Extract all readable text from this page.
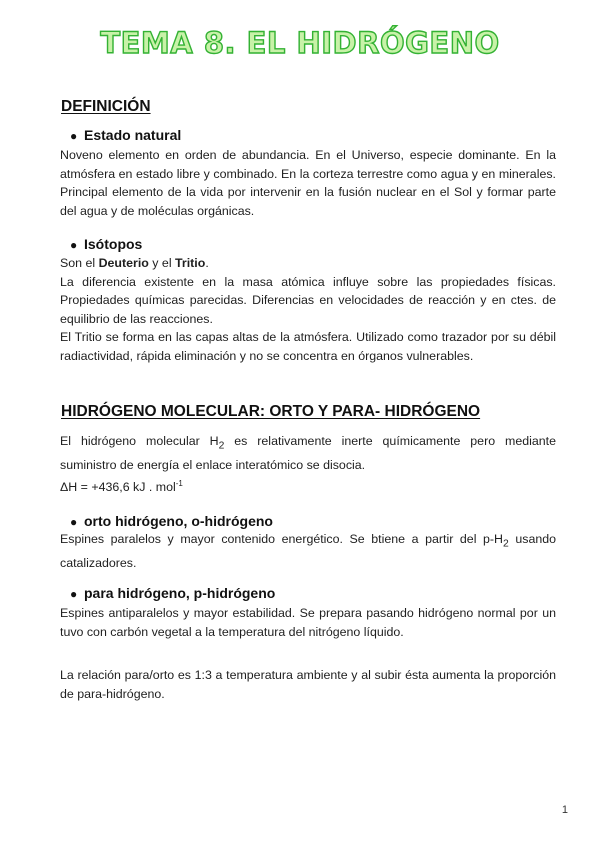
TEMA 8. EL HIDRÓGENO
DEFINICIÓN
● Estado natural

Noveno elemento en orden de abundancia. En el Universo, especie dominante. En la atmósfera en estado libre y combinado. En la corteza terrestre como agua y en minerales. Principal elemento de la vida por intervenir en la fusión nuclear en el Sol y formar parte del agua y de moléculas orgánicas.

● Isótopos

Son el Deuterio y el Tritio.

La diferencia existente en la masa atómica influye sobre las propiedades físicas. Propiedades químicas parecidas. Diferencias en velocidades de reacción y en ctes. de equilibrio de las reacciones.

El Tritio se forma en las capas altas de la atmósfera. Utilizado como trazador por su débil radiactividad, rápida eliminación y no se concentra en órganos vulnerables.

HIDRÓGENO MOLECULAR: ORTO Y PARA- HIDRÓGENO

El hidrógeno molecular $H_2$ es relativamente inerte químicamente pero mediante suministro de energía el enlace interatómico se disocia.

ΔH = +436,6 kJ . mol$^{-1}$

● orto hidrógeno, o-hidrógeno

Espines paralelos y mayor contenido energético. Se btiene a partir del $p-H_2$ usando catalizadores.

● para hidrógeno, p-hidrógeno

Espines antiparalelos y mayor estabilidad. Se prepara pasando hidrógeno normal por un tuvo con carbón vegetal a la temperatura del nitrógeno líquido.

La relación para/orto es 1:3 a temperatura ambiente y al subir ésta aumenta la proporción de para-hidrógeno.

1
